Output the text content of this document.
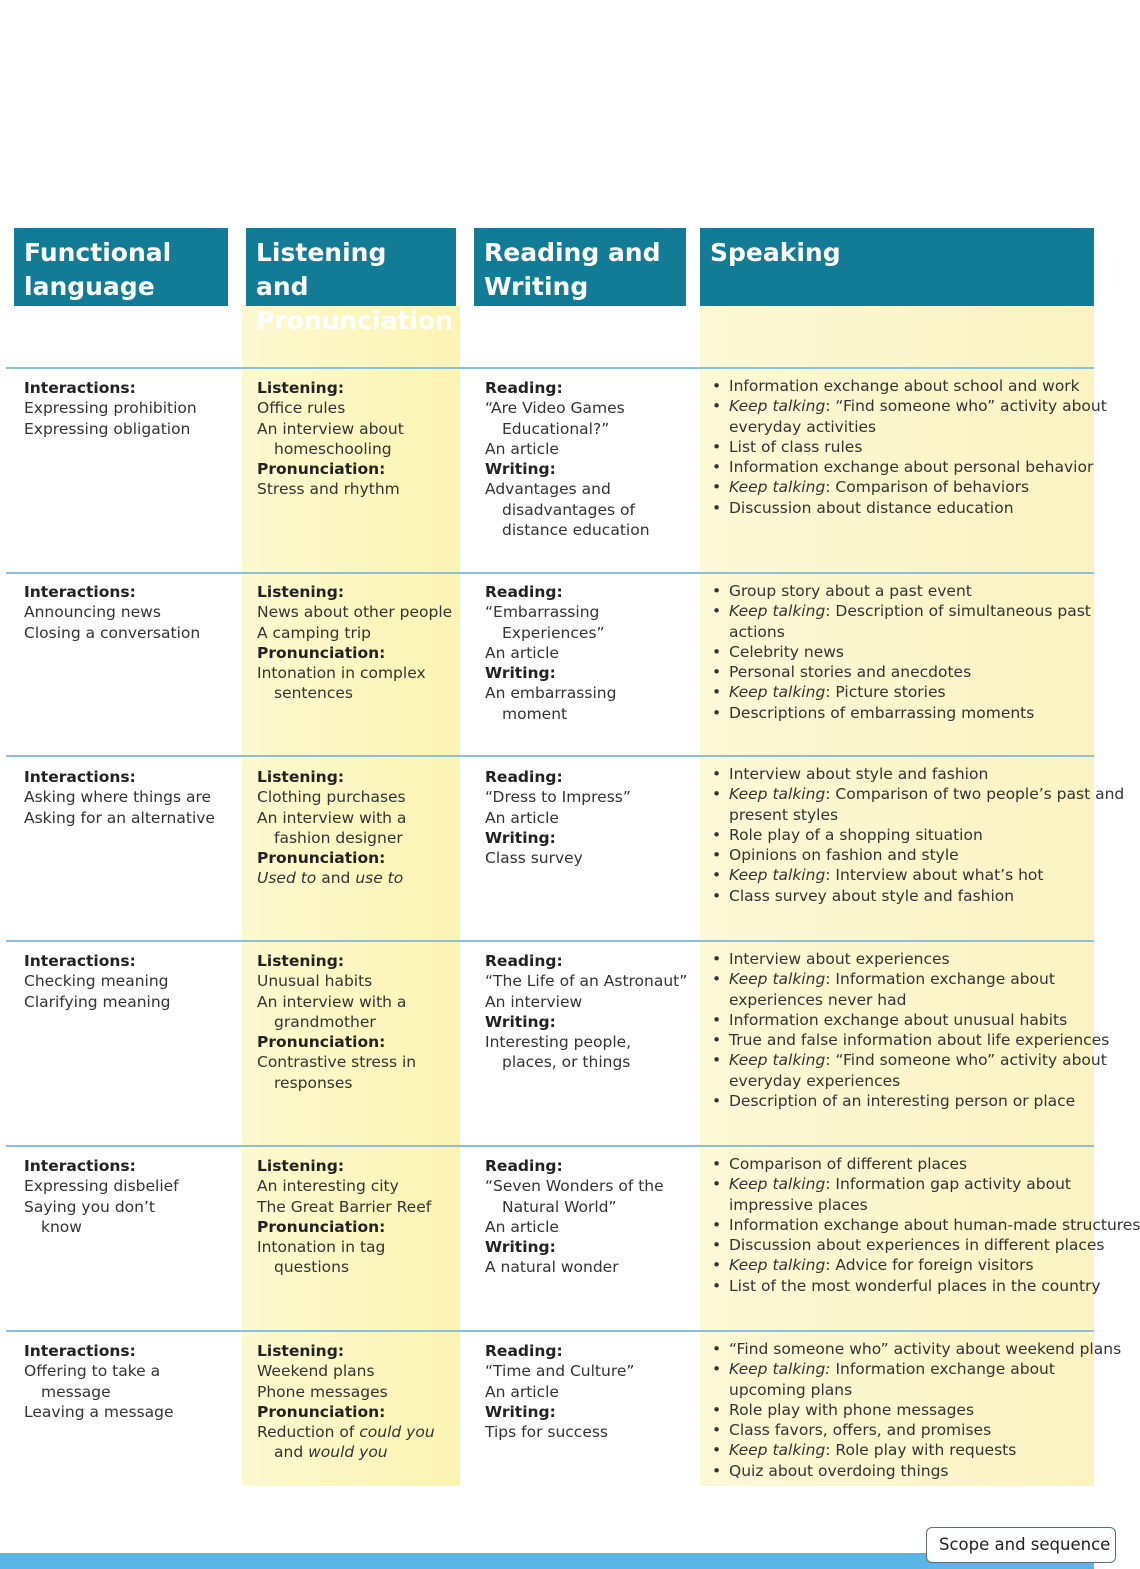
Functional
language
Listening and
Pronunciation
Reading and
Writing
Speaking
Interactions:
Expressing prohibition
Expressing obligation
Listening:
Office rules
An interview about
homeschooling
Pronunciation:
Stress and rhythm
Reading:
“Are Video Games
Educational?”
An article
Writing:
Advantages and
disadvantages of
distance education
• Information exchange about school and work
• Keep talking: “Find someone who” activity about
everyday activities
• List of class rules
• Information exchange about personal behavior
• Keep talking: Comparison of behaviors
• Discussion about distance education
Interactions:
Announcing news
Closing a conversation
Listening:
News about other people
A camping trip
Pronunciation:
Intonation in complex
sentences
Reading:
“Embarrassing
Experiences”
An article
Writing:
An embarrassing
moment
• Group story about a past event
• Keep talking: Description of simultaneous past
actions
• Celebrity news
• Personal stories and anecdotes
• Keep talking: Picture stories
• Descriptions of embarrassing moments
Interactions:
Asking where things are
Asking for an alternative
Listening:
Clothing purchases
An interview with a
fashion designer
Pronunciation:
Used to and use to
Reading:
“Dress to Impress”
An article
Writing:
Class survey
• Interview about style and fashion
• Keep talking: Comparison of two people’s past and
present styles
• Role play of a shopping situation
• Opinions on fashion and style
• Keep talking: Interview about what’s hot
• Class survey about style and fashion
Interactions:
Checking meaning
Clarifying meaning
Listening:
Unusual habits
An interview with a
grandmother
Pronunciation:
Contrastive stress in
responses
Reading:
“The Life of an Astronaut”
An interview
Writing:
Interesting people,
places, or things
• Interview about experiences
• Keep talking: Information exchange about
experiences never had
• Information exchange about unusual habits
• True and false information about life experiences
• Keep talking: “Find someone who” activity about
everyday experiences
• Description of an interesting person or place
Interactions:
Expressing disbelief
Saying you don’t
know
Listening:
An interesting city
The Great Barrier Reef
Pronunciation:
Intonation in tag
questions
Reading:
“Seven Wonders of the
Natural World”
An article
Writing:
A natural wonder
• Comparison of different places
• Keep talking: Information gap activity about
impressive places
• Information exchange about human-made structures
• Discussion about experiences in different places
• Keep talking: Advice for foreign visitors
• List of the most wonderful places in the country
Interactions:
Offering to take a
message
Leaving a message
Listening:
Weekend plans
Phone messages
Pronunciation:
Reduction of could you
and would you
Reading:
“Time and Culture”
An article
Writing:
Tips for success
• “Find someone who” activity about weekend plans
• Keep talking: Information exchange about
upcoming plans
• Role play with phone messages
• Class favors, offers, and promises
• Keep talking: Role play with requests
• Quiz about overdoing things
Scope and sequence
